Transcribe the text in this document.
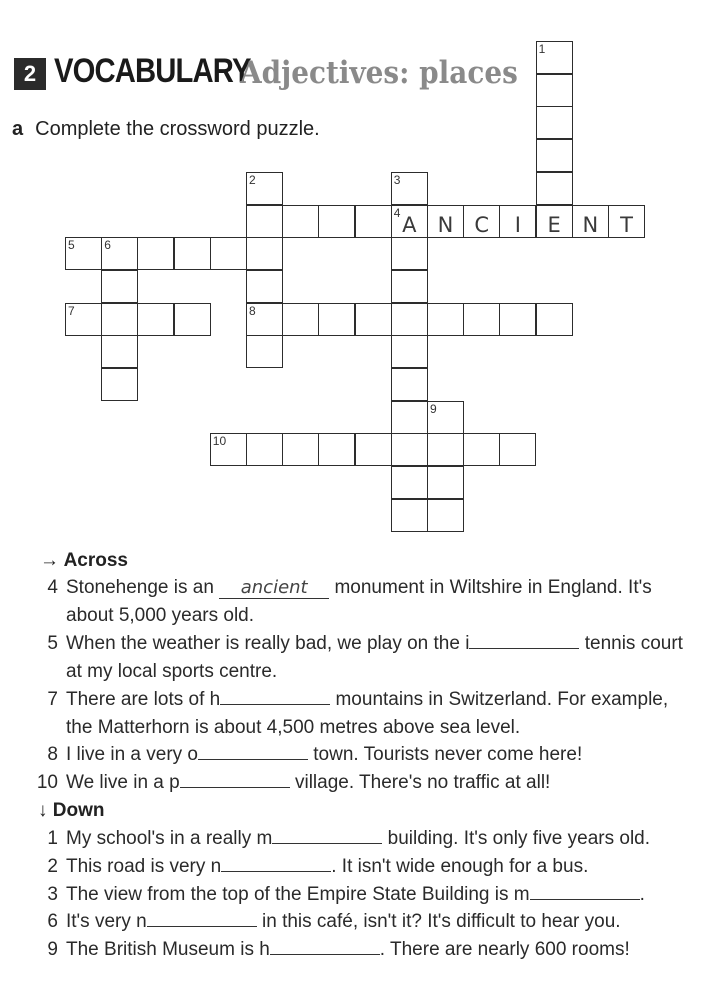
2 VOCABULARY
Adjectives: places
a Complete the crossword puzzle.
1
E
4 A	N C	I	N
2
8
3
5 6
7
9
10
T
→ Across
4 Stonehenge is an ancient monument in Wiltshire in England. It's about 5,000 years old.
5 When the weather is really bad, we play on the i	tennis court at my local sports centre.
7 There are lots of h	mountains in Switzerland. For example, the Matterhorn is about 4,500 metres above sea level.
8 I live in a very o	town. Tourists never come here!
10 We live in a p	village. There's no traffic at all!
↓ Down
1 My school's in a really m	building. It's only five years old.
2 This road is very n	. It isn't wide enough for a bus.
3 The view from the top of the Empire State Building is m	.
6 It's very n	in this café, isn't it? It's difficult to hear you.
9 The British Museum is h	. There are nearly 600 rooms!
